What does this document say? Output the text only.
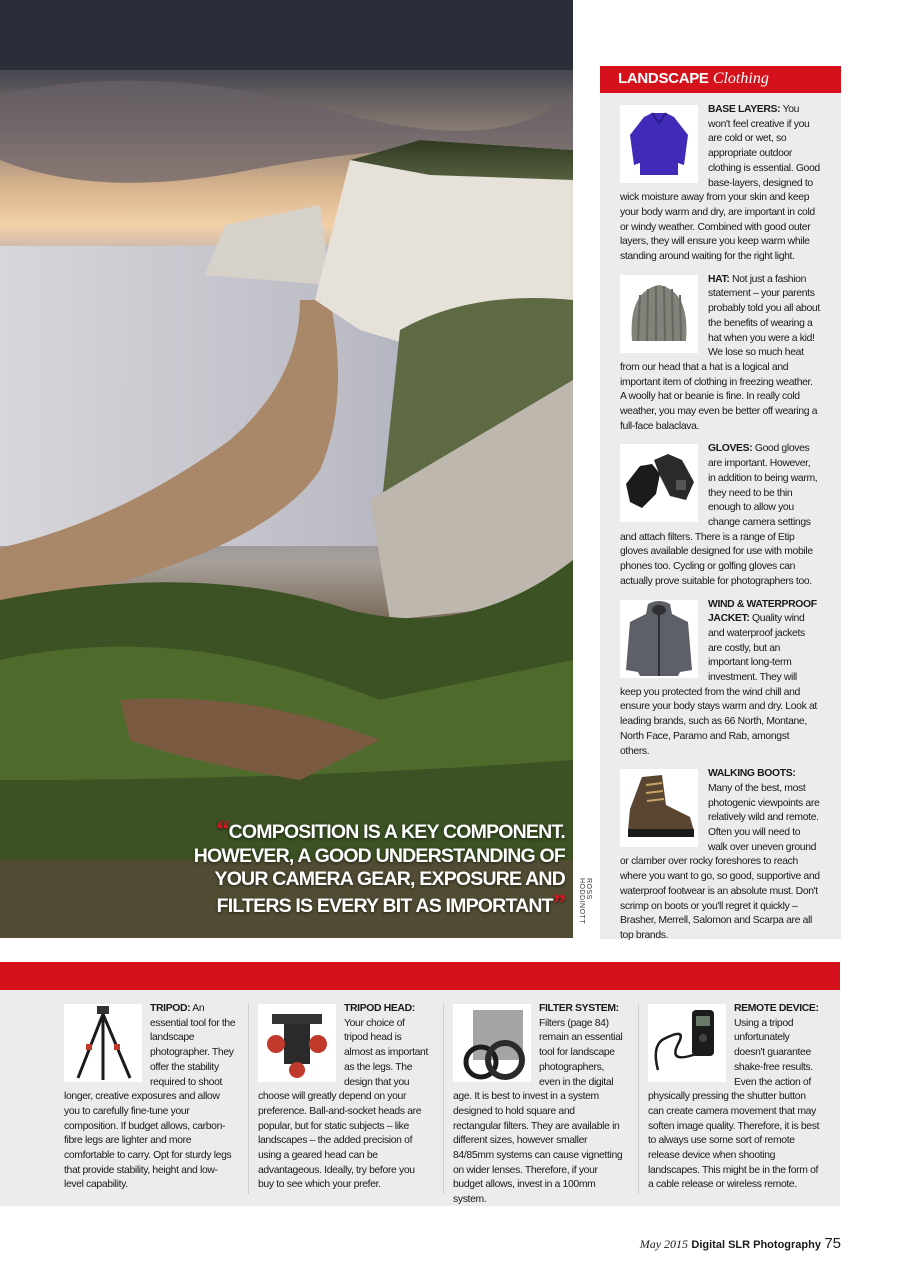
ROSS HODDINOTT
“COMPOSITION IS A KEY COMPONENT. HOWEVER, A GOOD UNDERSTANDING OF YOUR CAMERA GEAR, EXPOSURE AND FILTERS IS EVERY BIT AS IMPORTANT”
LANDSCAPE Clothing
BASE LAYERS: You won't feel creative if you are cold or wet, so appropriate outdoor clothing is essential. Good base-layers, designed to wick moisture away from your skin and keep your body warm and dry, are important in cold or windy weather. Combined with good outer layers, they will ensure you keep warm while standing around waiting for the right light.
HAT: Not just a fashion statement – your parents probably told you all about the benefits of wearing a hat when you were a kid! We lose so much heat from our head that a hat is a logical and important item of clothing in freezing weather. A woolly hat or beanie is fine. In really cold weather, you may even be better off wearing a full-face balaclava.
GLOVES: Good gloves are important. However, in addition to being warm, they need to be thin enough to allow you change camera settings and attach filters. There is a range of Etip gloves available designed for use with mobile phones too. Cycling or golfing gloves can actually prove suitable for photographers too.
WIND & WATERPROOF JACKET: Quality wind and waterproof jackets are costly, but an important long-term investment. They will keep you protected from the wind chill and ensure your body stays warm and dry. Look at leading brands, such as 66 North, Montane, North Face, Paramo and Rab, amongst others.
WALKING BOOTS: Many of the best, most photogenic viewpoints are relatively wild and remote. Often you will need to walk over uneven ground or clamber over rocky foreshores to reach where you want to go, so good, supportive and waterproof footwear is an absolute must. Don't scrimp on boots or you'll regret it quickly – Brasher, Merrell, Salomon and Scarpa are all top brands.
TRIPOD: An essential tool for the landscape photographer. They offer the stability required to shoot longer, creative exposures and allow you to carefully fine-tune your composition. If budget allows, carbon-fibre legs are lighter and more comfortable to carry. Opt for sturdy legs that provide stability, height and low-level capability.
TRIPOD HEAD: Your choice of tripod head is almost as important as the legs. The design that you choose will greatly depend on your preference. Ball-and-socket heads are popular, but for static subjects – like landscapes – the added precision of using a geared head can be advantageous. Ideally, try before you buy to see which your prefer.
FILTER SYSTEM: Filters (page 84) remain an essential tool for landscape photographers, even in the digital age. It is best to invest in a system designed to hold square and rectangular filters. They are available in different sizes, however smaller 84/85mm systems can cause vignetting on wider lenses. Therefore, if your budget allows, invest in a 100mm system.
REMOTE DEVICE: Using a tripod unfortunately doesn't guarantee shake-free results. Even the action of physically pressing the shutter button can create camera movement that may soften image quality. Therefore, it is best to always use some sort of remote release device when shooting landscapes. This might be in the form of a cable release or wireless remote.
May 2015 Digital SLR Photography 75
